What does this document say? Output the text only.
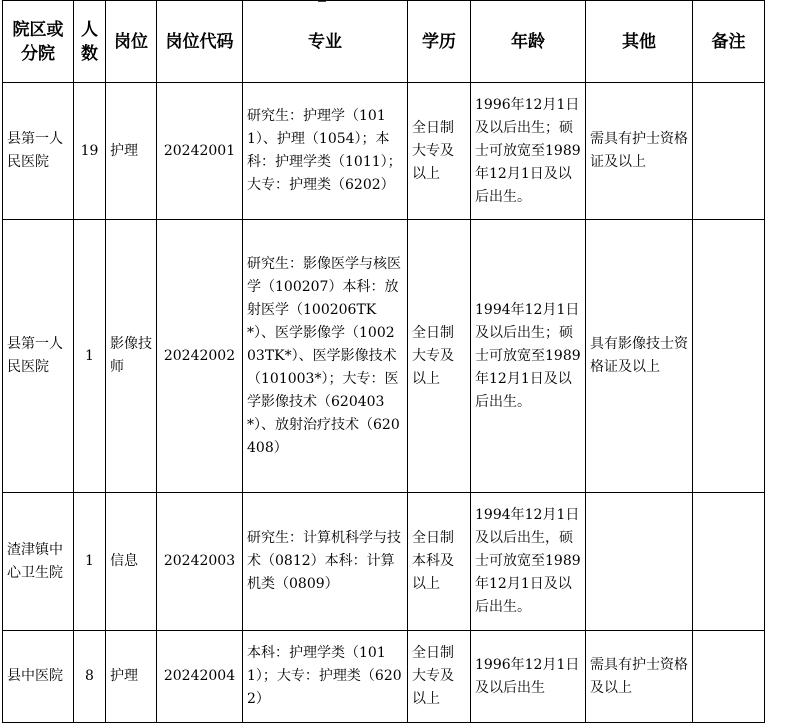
院区或分院	人数	岗位	岗位代码	专业	学历	年龄	其他	备注
县第一人民医院	19	护理	20242001	研究生：护理学（1011）、护理（1054）；本科：护理学类（1011）；大专：护理类（6202）	全日制大专及以上	1996年12月1日及以后出生；硕士可放宽至1989年12月1日及以后出生。	需具有护士资格证及以上	
县第一人民医院	1	影像技师	20242002	研究生：影像医学与核医学（100207）本科：放射医学（100206TK*）、医学影像学（100203TK*）、医学影像技术（101003*）；大专：医学影像技术（620403*）、放射治疗技术（620408）	全日制大专及以上	1994年12月1日及以后出生；硕士可放宽至1989年12月1日及以后出生。	具有影像技士资格证及以上	
渣津镇中心卫生院	1	信息	20242003	研究生：计算机科学与技术（0812）本科：计算机类（0809）	全日制本科及以上	1994年12月1日及以后出生，硕士可放宽至1989年12月1日及以后出生。		
县中医院	8	护理	20242004	本科：护理学类（1011）；大专：护理类（6202）	全日制大专及以上	1996年12月1日及以后出生	需具有护士资格及以上	
